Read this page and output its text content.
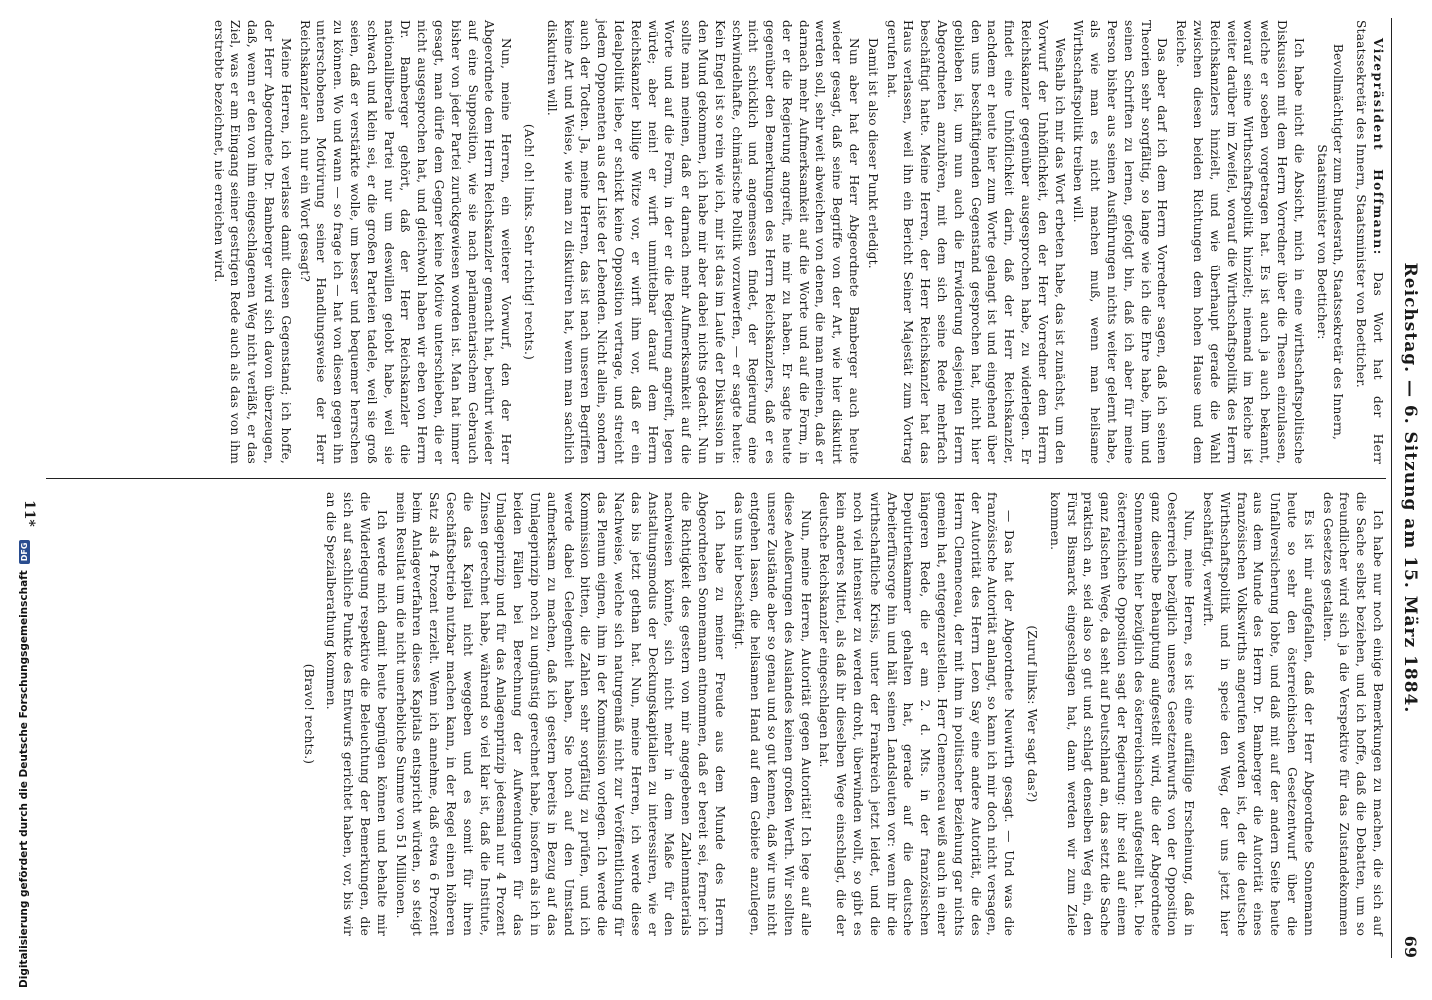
Reichstag. — 6. Sitzung am 15. März 1884.
69

Vizepräsident Hoffmann: Das Wort hat der Herr Staatssekretär des Innern, Staatsminister von Boetticher.

Bevollmächtigter zum Bundesrath, Staatssekretär des Innern, Staatsminister von Boetticher:

Ich habe nicht die Absicht, mich in eine wirthschaftspolitische Diskussion mit dem Herrn Vorredner über die Thesen einzulassen, welche er soeben vorgetragen hat. Es ist auch ja auch bekannt, worauf seine Wirthschaftspolitik hinzielt; niemand im Reiche ist weiter darüber im Zweifel, worauf die Wirthschaftspolitik des Herrn Reichskanzlers hinzielt, und wie überhaupt gerade die Wahl zwischen diesen beiden Richtungen dem hohen Hause und dem Reiche.

Das aber darf ich dem Herrn Vorredner sagen, daß ich seinen Theorien sehr sorgfältig, so lange wie ich die Ehre habe, ihm und seinen Schriften zu lernen, gefolgt bin, daß ich aber für meine Person bisher aus seinen Ausführungen nichts weiter gelernt habe, als wie man es nicht machen muß, wenn man heilsame Wirthschaftspolitik treiben will.

Weshalb ich mir das Wort erbeten habe, das ist zunächst, um den Vorwurf der Unhöflichkeit, den der Herr Vorredner dem Herrn Reichskanzler gegenüber ausgesprochen habe, zu widerlegen. Er findet eine Unhöflichkeit darin, daß der Herr Reichskanzler, nachdem er heute hier zum Worte gelangt ist und eingehend über den uns beschäftigenden Gegenstand gesprochen hat, nicht hier geblieben ist, um nun auch die Erwiderung desjenigen Herrn Abgeordneten anzuhören, mit dem sich seine Rede mehrfach beschäftigt hatte. Meine Herren, der Herr Reichskanzler hat das Haus verlassen, weil ihn ein Bericht Seiner Majestät zum Vortrag gerufen hat.

Damit ist also dieser Punkt erledigt.

Nun aber hat der Herr Abgeordnete Bamberger auch heute wieder gesagt, daß seine Begriffe von der Art, wie hier diskutirt werden soll, sehr weit abweichen von denen, die man meinen, daß er darnach mehr Aufmerksamkeit auf die Worte und auf die Form, in der er die Regierung angreift, nie mir zu haben. Er sagte heute gegenüber den Bemerkungen des Herrn Reichskanzlers, daß er es nicht schicklich und angemessen findet, der Regierung eine schwindelhafte, chimärische Politik vorzuwerfen, — er sagte heute: Kein Engel ist so rein wie ich, mir ist das im Laufe der Diskussion in den Mund gekommen, ich habe mir aber dabei nichts gedacht. Nun sollte man meinen, daß er darnach mehr Aufmerksamkeit auf die Worte und auf die Form, in der er die Regierung angreift, legen würde; aber nein! er wirft unmittelbar darauf dem Herrn Reichskanzler billige Witze vor, er wirft ihm vor, daß er ein Idealpolitik liebe, er schickt keine Opposition vertrage, und streicht jedem Opponenten aus der Liste der Lebenden. Nicht allein, sondern auch der Todten. Ja, meine Herren, das ist nach unseren Begriffen keine Art und Weise, wie man zu diskutiren hat, wenn man sachlich diskutiren will.

(Ach! oh! links. Sehr richtig! rechts.)

Nun, meine Herren, ein weiterer Vorwurf, den der Herr Abgeordnete dem Herrn Reichskanzler gemacht hat, berührt wieder auf eine Supposition, wie sie nach parlamentarischem Gebrauch bisher von jeder Partei zurückgewiesen worden ist. Man hat immer gesagt, man dürfe dem Gegner keine Motive unterschieben, die er nicht ausgesprochen hat, und gleichwohl haben wir eben von Herrn Dr. Bamberger gehört, daß der Herr Reichskanzler die nationalliberale Partei nur um deswillen gelobt habe, weil sie schwach und klein sei, er die großen Parteien tadele, weil sie groß seien, daß er verstärkte wolle, um besser und bequemer herrschen zu können. Wo und wann — so frage ich — hat von diesen gegen ihn unterschobenen Motivirung seiner Handlungsweise der Herr Reichskanzler auch nur ein Wort gesagt?

Meine Herren, ich verlasse damit diesen Gegenstand; ich hoffe, der Herr Abgeordnete Dr. Bamberger wird sich davon überzeugen, daß, wenn er den von ihm eingeschlagenen Weg nicht verläßt, er das Ziel, was er am Eingang seiner gestrigen Rede auch als das von ihm erstrebte bezeichnet, nie erreichen wird.

Ich habe nur noch einige Bemerkungen zu machen, die sich auf die Sache selbst beziehen, und ich hoffe, daß die Debatten, um so freundlicher wird sich ja die Verspektive für das Zustandekommen des Gesetzes gestalten.

Es ist mir aufgefallen, daß der Herr Abgeordnete Sonnemann heute so sehr den österreichischen Gesetzentwurf über die Unfallversicherung lobte, und daß mit auf der andern Seite heute aus dem Munde des Herrn Dr. Bamberger die Autorität eines französischen Volkswirths angerufen worden ist, der die deutsche Wirthschaftspolitik und in specie den Weg, der uns jetzt hier beschäftigt, verwirft.

Nun, meine Herren, es ist eine auffällige Erscheinung, daß in Oesterreich bezüglich unseres Gesetzentwurfs von der Opposition ganz dieselbe Behauptung aufgestellt wird, die der Abgeordnete Sonnemann hier bezüglich des österreichischen aufgestellt hat. Die österreichische Opposition sagt der Regierung: ihr seid auf einem ganz falschen Wege, da seht auf Deutschland an, das setzt die Sache praktisch an, seid also so gut und schlagt denselben Weg ein, den Fürst Bismarck eingeschlagen hat, dann werden wir zum Ziele kommen.

(Zuruf links: Wer sagt das?)

— Das hat der Abgeordnete Neuwirth gesagt. — Und was die französische Autorität anlangt, so kann ich mir doch nicht versagen, der Autorität des Herrn Leon Say eine andere Autorität, die des Herrn Clemenceau, der mit ihm in politischer Beziehung gar nichts gemein hat, entgegenzustellen. Herr Clemenceau weiß auch in einer längeren Rede, die er am 2. d. Mts. in der französischen Deputirtenkammer gehalten hat, gerade auf die deutsche Arbeiterfürsorge hin und hält seinen Landsleuten vor: wenn ihr die wirthschaftliche Krisis, unter der Frankreich jetzt leidet, und die noch viel intensiver zu werden droht, überwinden wollt, so gibt es kein anderes Mittel, als daß ihr dieselben Wege einschlagt, die der deutsche Reichskanzler eingeschlagen hat.

Nun, meine Herren, Autorität gegen Autorität! Ich lege auf alle diese Aeußerungen des Auslandes keinen großen Werth. Wir sollten unsere Zustände aber so genau und so gut kennen, daß wir uns nicht entgehen lassen, die heilsamen Hand auf dem Gebiete anzulegen, das uns hier beschäftigt.

Ich habe zu meiner Freude aus dem Munde des Herrn Abgeordneten Sonnemann entnommen, daß er bereit sei, ferner ich die Richtigkeit des gestern von mir angegebenen Zahlenmaterials nachweisen könnte, sich nicht mehr in dem Maße für den Anstaltungsmodus der Deckungskapitalien zu interessiren, wie er das bis jetzt gethan hat. Nun, meine Herren, ich werde diese Nachweise, welche sich naturgemäß nicht zur Veröffentlichung für das Plenum eignen, ihm in der Kommission vorlegen. Ich werde die Kommission bitten, die Zahlen sehr sorgfältig zu prüfen, und ich werde dabei Gelegenheit haben, Sie noch auf den Umstand aufmerksam zu machen, daß ich gestern bereits in Bezug auf das Umlageprinzip noch zu ungünstig gerechnet habe, insofern als ich in beiden Fällen bei Berechnung der Aufwendungen für das Umlageprinzip und für das Anlagenprinzip jedesmal nur 4 Prozent Zinsen gerechnet habe, während so viel klar ist, daß die Institute, die das Kapital nicht weggeben und es somit für ihren Geschäftsbetrieb nutzbar machen kann, in der Regel einen höheren Satz als 4 Prozent erzielt. Wenn ich annehme, daß etwa 6 Prozent beim Anlageverfahren dieses Kapitals entspricht würden, so steigt mein Resultat um die nicht unerhebliche Summe von 51 Millionen.

Ich werde mich damit heute begnügen können und behalte mir die Widerlegung respektive die Beleuchtung der Bemerkungen, die sich auf sachliche Punkte des Entwurfs gerichtet haben, vor, bis wir an die Spezialberathung kommen.

(Bravo! rechts.)

11*
Digitalisierung gefördert durch die Deutsche Forschungsgemeinschaft
DFG
